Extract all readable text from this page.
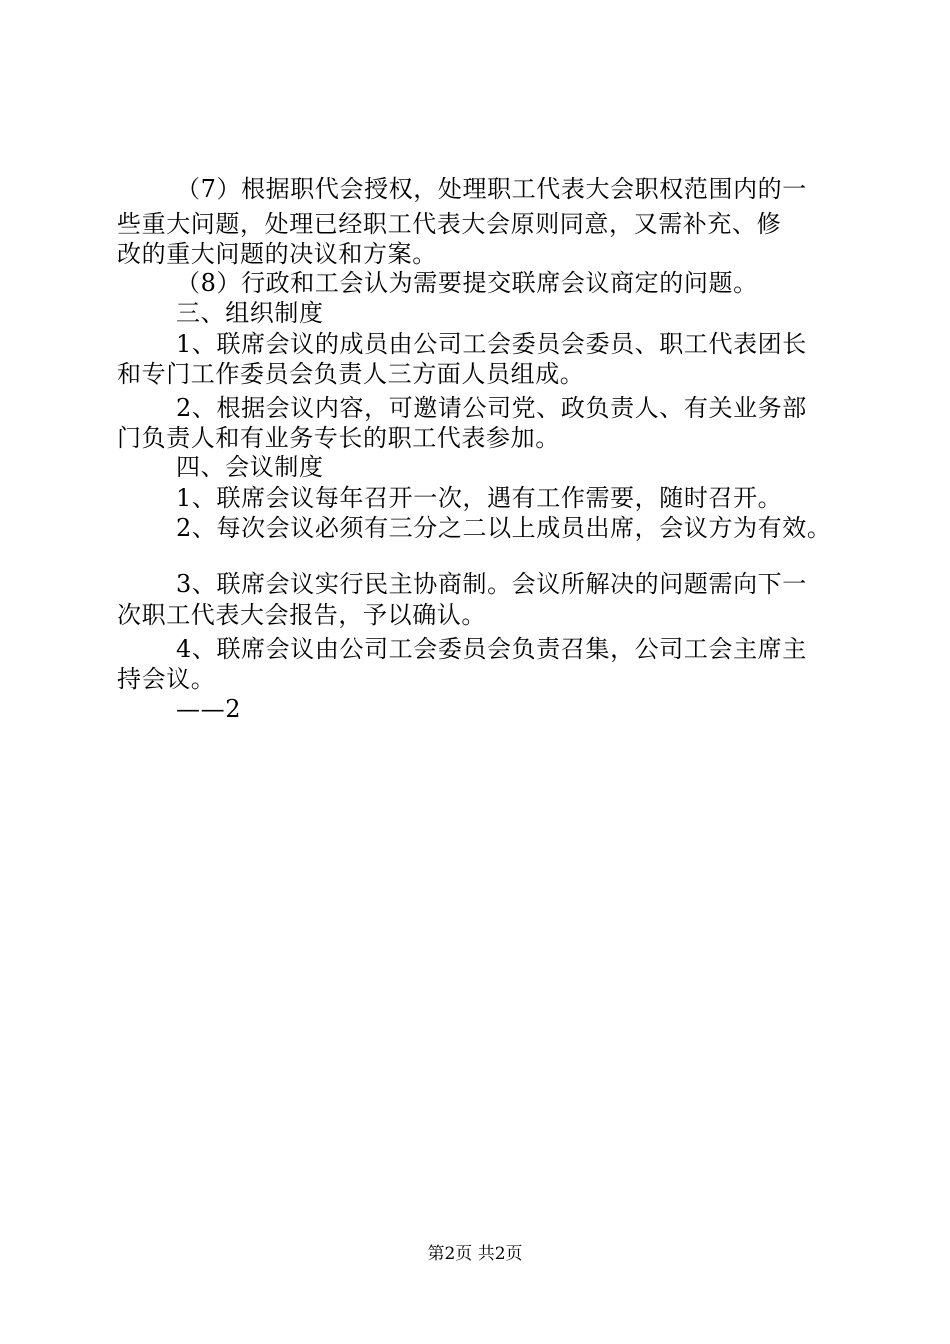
（7）根据职代会授权，处理职工代表大会职权范围内的一
些重大问题，处理已经职工代表大会原则同意，又需补充、修
改的重大问题的决议和方案。
（8）行政和工会认为需要提交联席会议商定的问题。
三、组织制度
1、联席会议的成员由公司工会委员会委员、职工代表团长
和专门工作委员会负责人三方面人员组成。
2、根据会议内容，可邀请公司党、政负责人、有关业务部
门负责人和有业务专长的职工代表参加。
四、会议制度
1、联席会议每年召开一次，遇有工作需要，随时召开。
2、每次会议必须有三分之二以上成员出席，会议方为有效。
3、联席会议实行民主协商制。会议所解决的问题需向下一
次职工代表大会报告，予以确认。
4、联席会议由公司工会委员会负责召集，公司工会主席主
持会议。
——2
第2页 共2页
